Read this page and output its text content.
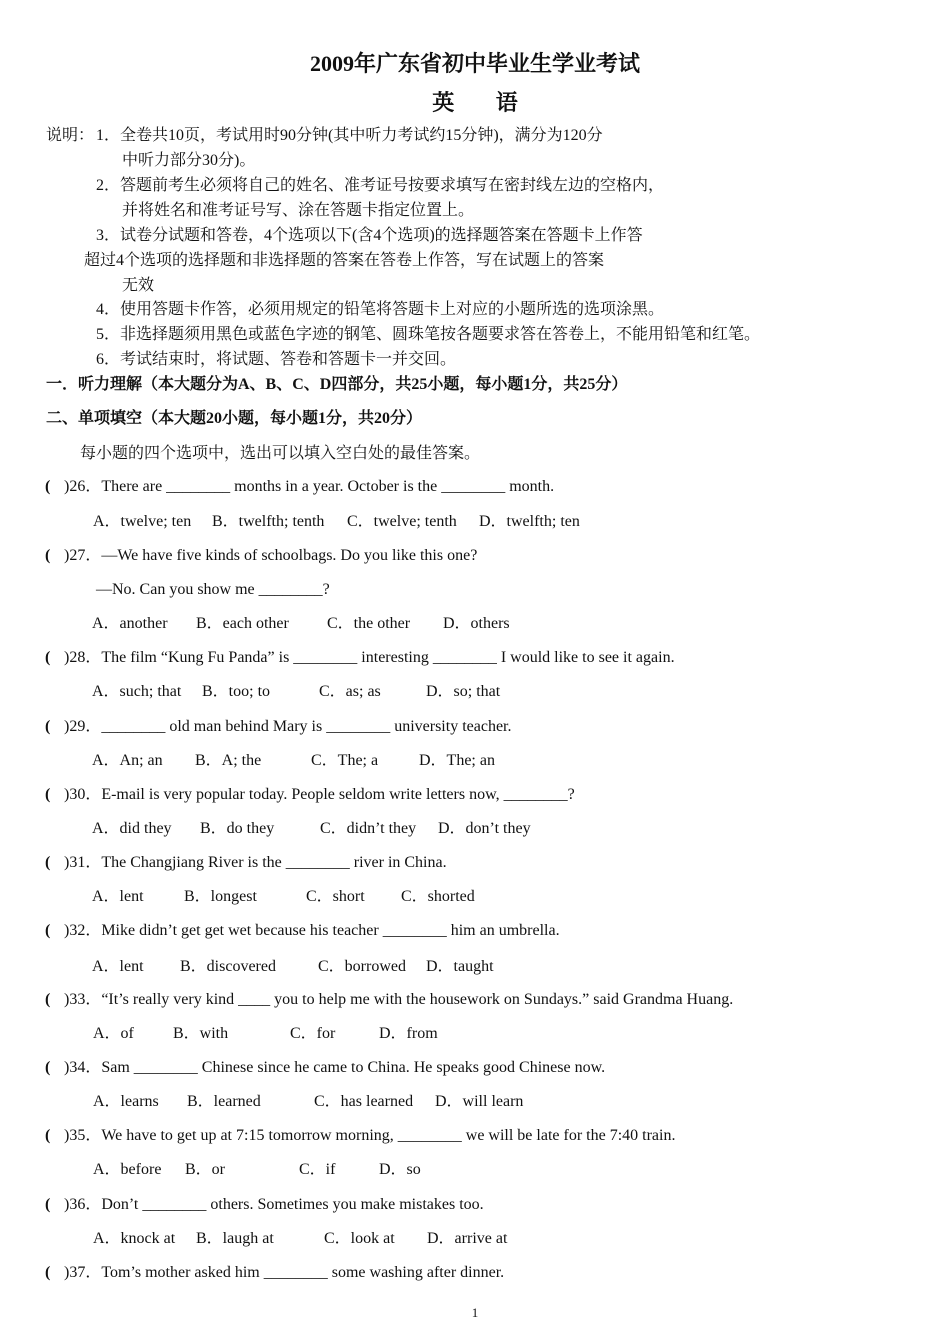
2009年广东省初中毕业生学业考试
英 语
说明： 1．全卷共10页，考试用时90分钟(其中听力考试约15分钟)，满分为120分
中听力部分30分)。
2．答题前考生必须将自己的姓名、准考证号按要求填写在密封线左边的空格内，
并将姓名和准考证号写、涂在答题卡指定位置上。
3．试卷分试题和答卷，4个选项以下(含4个选项)的选择题答案在答题卡上作答
超过4个选项的选择题和非选择题的答案在答卷上作答，写在试题上的答案
无效
4．使用答题卡作答，必须用规定的铅笔将答题卡上对应的小题所选的选项涂黑。
5．非选择题须用黑色或蓝色字迹的钢笔、圆珠笔按各题要求答在答卷上，不能用铅笔和红笔。
6．考试结束时，将试题、答卷和答题卡一并交回。
一．听力理解（本大题分为A、B、C、D四部分，共25小题，每小题1分，共25分）
二、单项填空（本大题20小题，每小题1分，共20分）
每小题的四个选项中，选出可以填入空白处的最佳答案。
( )26．There are ________ months in a year. October is the ________ month.
A．twelve; ten B．twelfth; tenth C．twelve; tenth D．twelfth; ten
( )27．—We have five kinds of schoolbags. Do you like this one?
—No. Can you show me ________?
A．another B．each other C．the other D．others
( )28．The film “Kung Fu Panda” is ________ interesting ________ I would like to see it again.
A．such; that B．too; to	C．as; as	D．so; that
( )29．________ old man behind Mary is ________ university teacher.
A．An; an B．A; the	C．The; a	D．The; an
( )30．E-mail is very popular today. People seldom write letters now, ________?
A．did they B．do they	C．didn’t they D．don’t they
( )31．The Changjiang River is the ________ river in China.
A．lent	B．longest	C．short C．shorted
( )32．Mike didn’t get get wet because his teacher ________ him an umbrella.
A．lent B．discovered	C．borrowed D．taught
( )33．“It’s really very kind ____ you to help me with the housework on Sundays.” said Grandma Huang.
A．of B．with	C．for	D．from
( )34．Sam ________ Chinese since he came to China. He speaks good Chinese now.
A．learns B．learned	C．has learned D．will learn
( )35．We have to get up at 7:15 tomorrow morning, ________ we will be late for the 7:40 train.
A．before B．or	C．if	D．so
( )36．Don’t ________ others. Sometimes you make mistakes too.
A．knock at B．laugh at	C．look at D．arrive at
( )37．Tom’s mother asked him ________ some washing after dinner.
1
